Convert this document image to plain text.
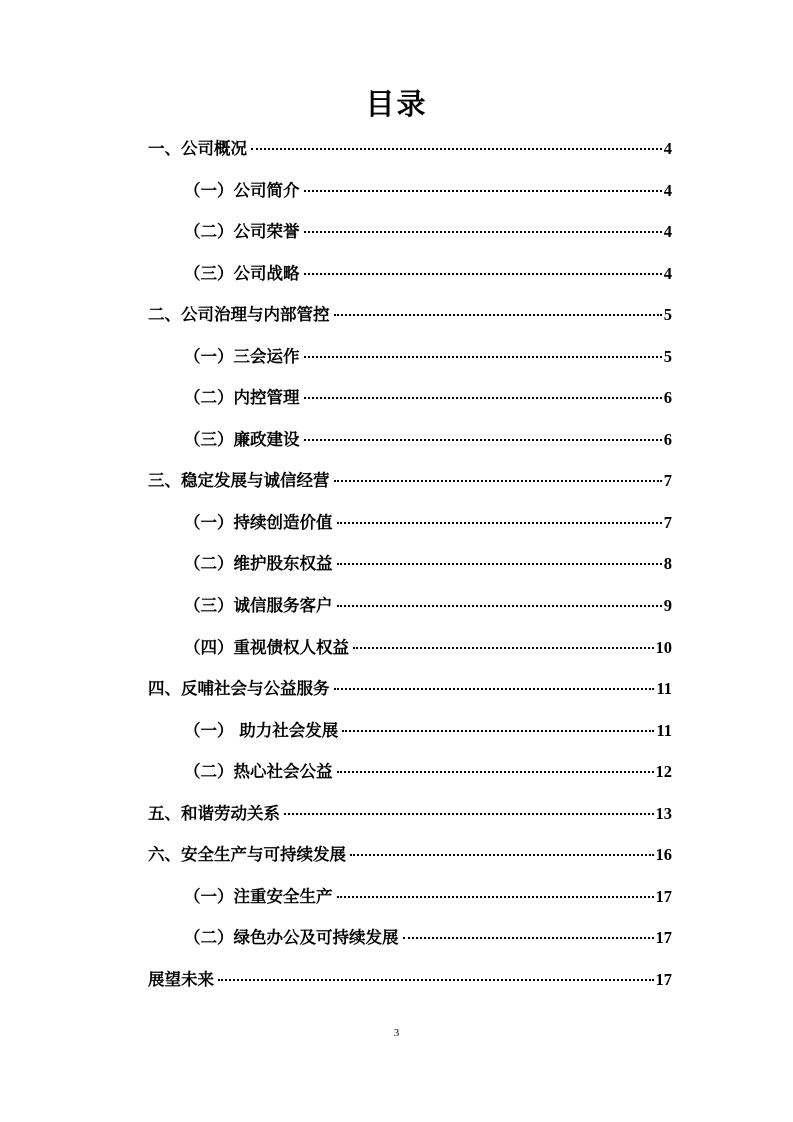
目录
一、公司概况	4
（一）公司简介	4
（二）公司荣誉	4
（三）公司战略	4
二、公司治理与内部管控	5
（一）三会运作	5
（二）内控管理	6
（三）廉政建设	6
三、稳定发展与诚信经营	7
（一）持续创造价值	7
（二）维护股东权益	8
（三）诚信服务客户	9
（四）重视债权人权益	10
四、反哺社会与公益服务	11
（一） 助力社会发展	11
（二）热心社会公益	12
五、和谐劳动关系	13
六、安全生产与可持续发展	16
（一）注重安全生产	17
（二）绿色办公及可持续发展	17
展望未来	17
3
